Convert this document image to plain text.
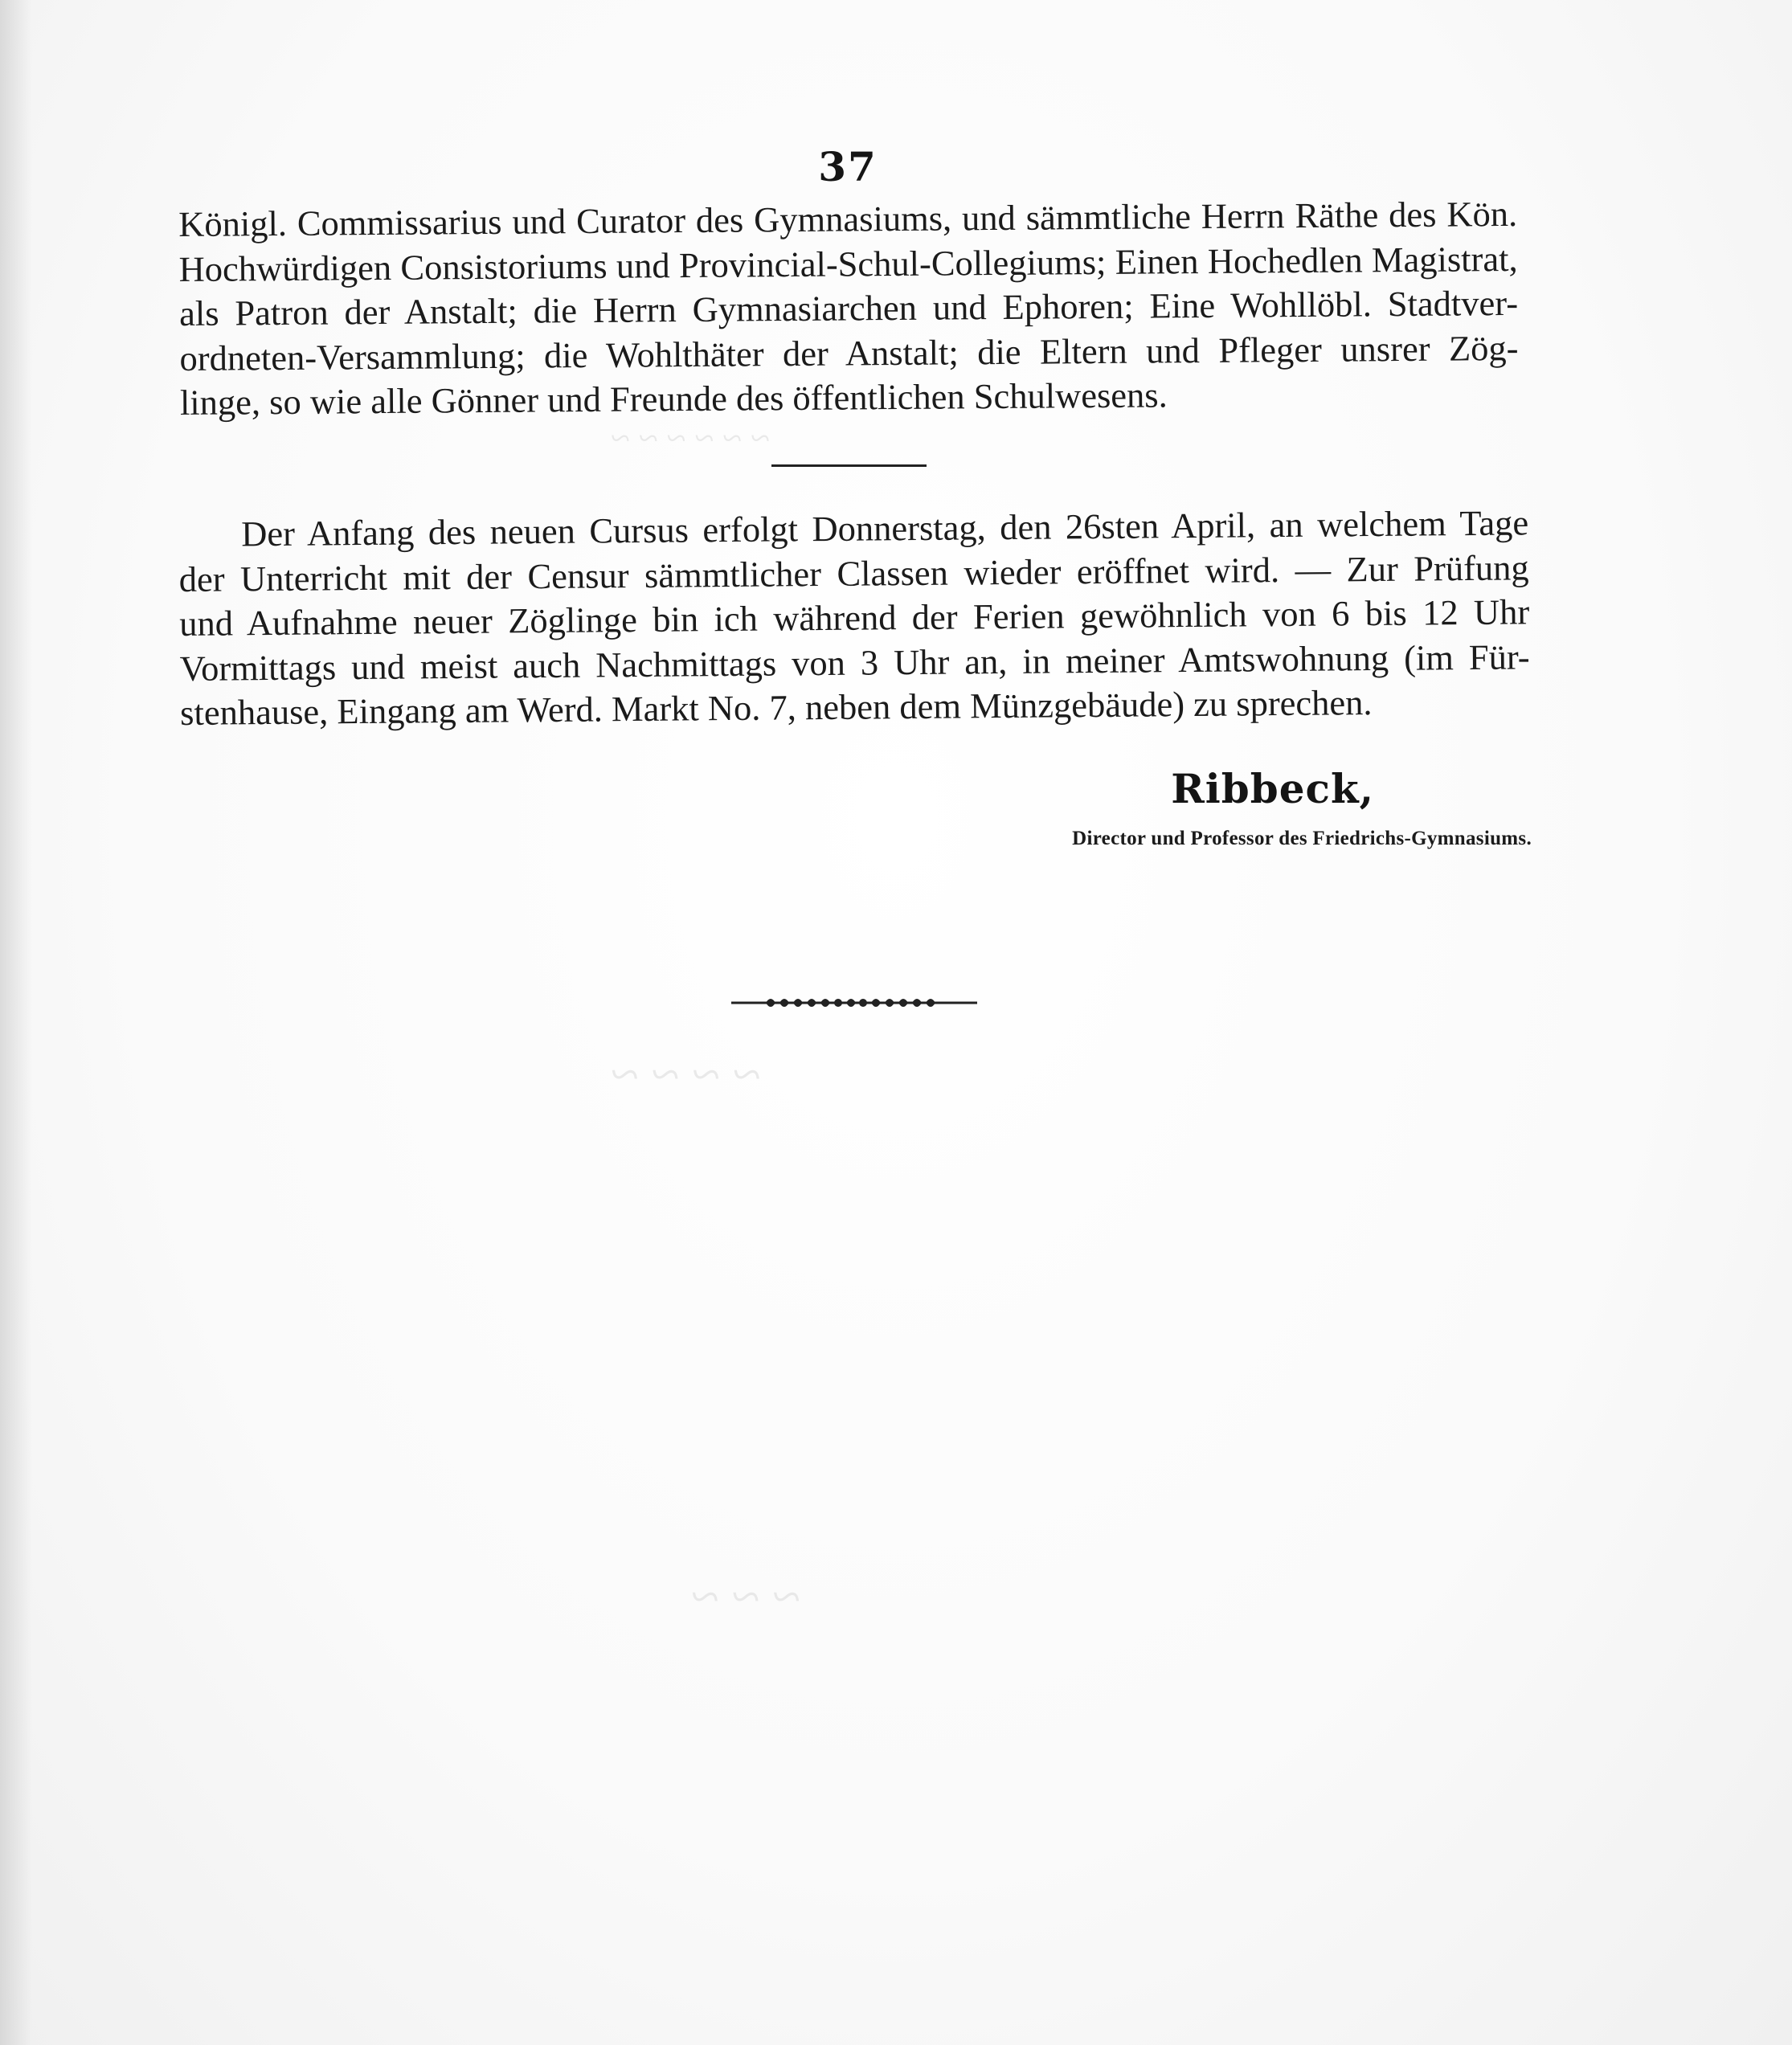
37
Königl. Commissarius und Curator des Gymnasiums, und sämmtliche Herrn Räthe des Kön.
Hochwürdigen Consistoriums und Provincial-Schul-Collegiums; Einen Hochedlen Magistrat,
als Patron der Anstalt; die Herrn Gymnasiarchen und Ephoren; Eine Wohllöbl. Stadtver-
ordneten-Versammlung; die Wohlthäter der Anstalt; die Eltern und Pfleger unsrer Zög-
linge, so wie alle Gönner und Freunde des öffentlichen Schulwesens.
Der Anfang des neuen Cursus erfolgt Donnerstag, den 26sten April, an welchem Tage
der Unterricht mit der Censur sämmtlicher Classen wieder eröffnet wird. — Zur Prüfung
und Aufnahme neuer Zöglinge bin ich während der Ferien gewöhnlich von 6 bis 12 Uhr
Vormittags und meist auch Nachmittags von 3 Uhr an, in meiner Amtswohnung (im Für-
stenhause, Eingang am Werd. Markt No. 7, neben dem Münzgebäude) zu sprechen.
Ribbeck,
Director und Professor des Friedrichs-Gymnasiums.
~ ~ ~ ~ ~ ~
~ ~ ~ ~
~ ~ ~
